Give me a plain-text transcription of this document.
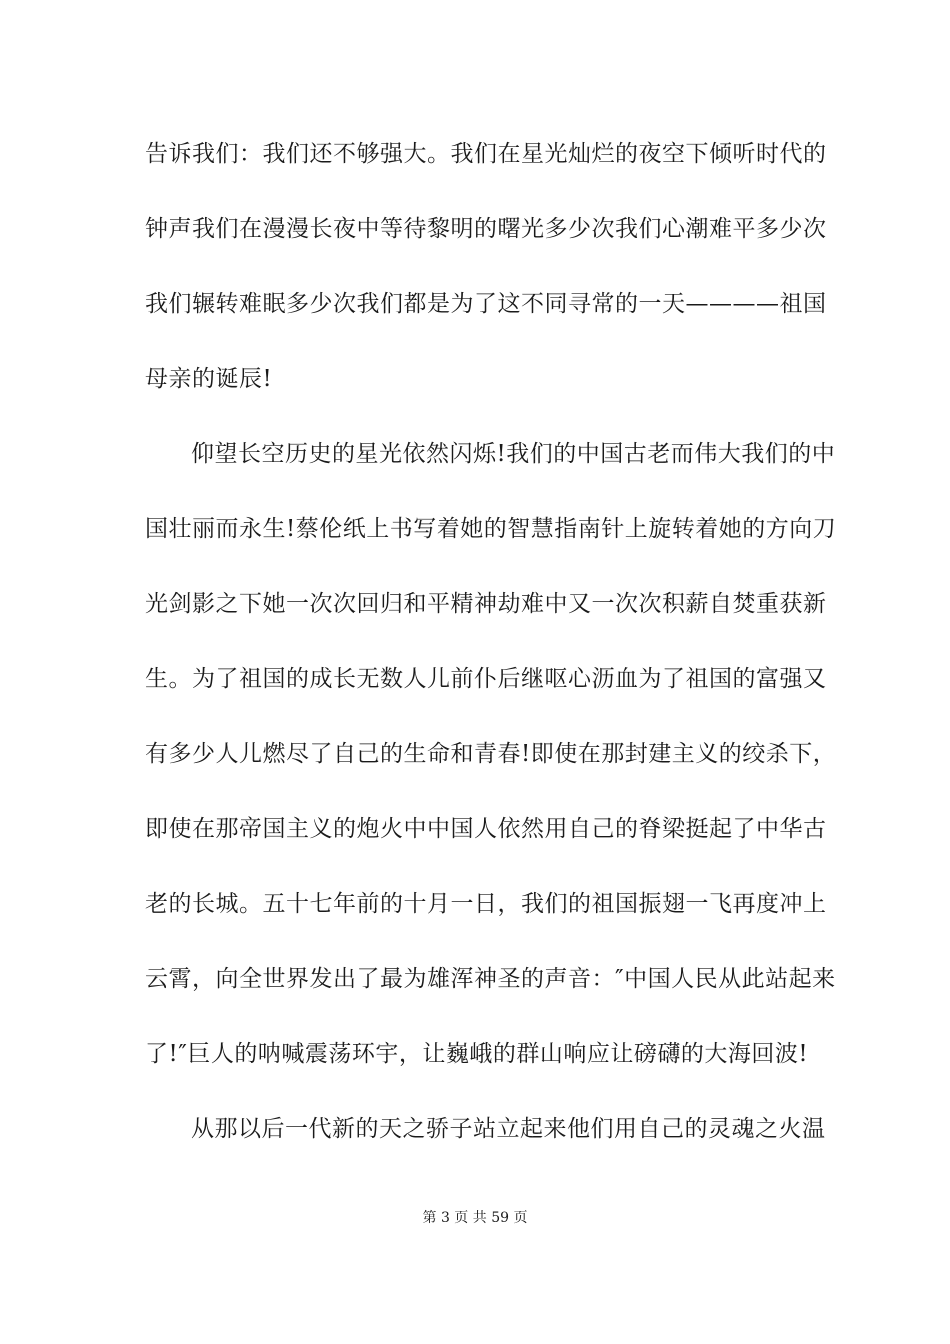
告诉我们：我们还不够强大。我们在星光灿烂的夜空下倾听时代的
钟声我们在漫漫长夜中等待黎明的曙光多少次我们心潮难平多少次
我们辗转难眠多少次我们都是为了这不同寻常的一天————祖国
母亲的诞辰!
仰望长空历史的星光依然闪烁!我们的中国古老而伟大我们的中
国壮丽而永生!蔡伦纸上书写着她的智慧指南针上旋转着她的方向刀
光剑影之下她一次次回归和平精神劫难中又一次次积薪自焚重获新
生。为了祖国的成长无数人儿前仆后继呕心沥血为了祖国的富强又
有多少人儿燃尽了自己的生命和青春!即使在那封建主义的绞杀下，
即使在那帝国主义的炮火中中国人依然用自己的脊梁挺起了中华古
老的长城。五十七年前的十月一日，我们的祖国振翅一飞再度冲上
云霄，向全世界发出了最为雄浑神圣的声音：″中国人民从此站起来
了!″巨人的呐喊震荡环宇，让巍峨的群山响应让磅礴的大海回波!
从那以后一代新的天之骄子站立起来他们用自己的灵魂之火温
第 3 页 共 59 页
